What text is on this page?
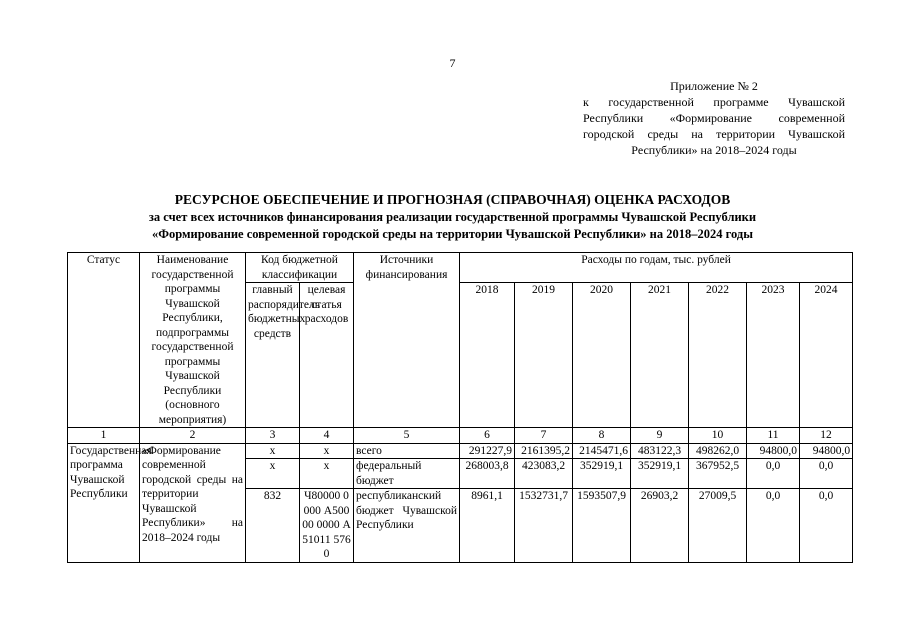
7
Приложение № 2
к государственной программе Чувашской
Республики «Формирование современной
городской среды на территории Чувашской
Республики» на 2018–2024 годы
РЕСУРСНОЕ ОБЕСПЕЧЕНИЕ И ПРОГНОЗНАЯ (СПРАВОЧНАЯ) ОЦЕНКА РАСХОДОВ
за счет всех источников финансирования реализации государственной программы Чувашской Республики
«Формирование современной городской среды на территории Чувашской Республики» на 2018–2024 годы
Статус	Наименование государственной программы Чувашской Республики, подпрограммы государственной программы Чувашской Республики (основного мероприятия)	Код бюджетной классификации		Источники финансирования	Расходы по годам, тыс. рублей						
		главный распорядитель бюджетных средств	целевая статья расходов		2018	2019	2020	2021	2022	2023	2024
1	2	3	4	5	6	7	8	9	10	11	12
Государственная программа Чувашской Республики	«Формирование современной городской среды на территории Чувашской Республики» на 2018–2024 годы	х	х	всего	291227,9	2161395,2	2145471,6	483122,3	498262,0	94800,0	94800,0
		х	х	федеральный бюджет	268003,8	423083,2	352919,1	352919,1	367952,5	0,0	0,0
		832	Ч80000 0000 А50000 0000 А51011 5760	республиканский бюджет Чувашской Республики	8961,1	1532731,7	1593507,9	26903,2	27009,5	0,0	0,0
